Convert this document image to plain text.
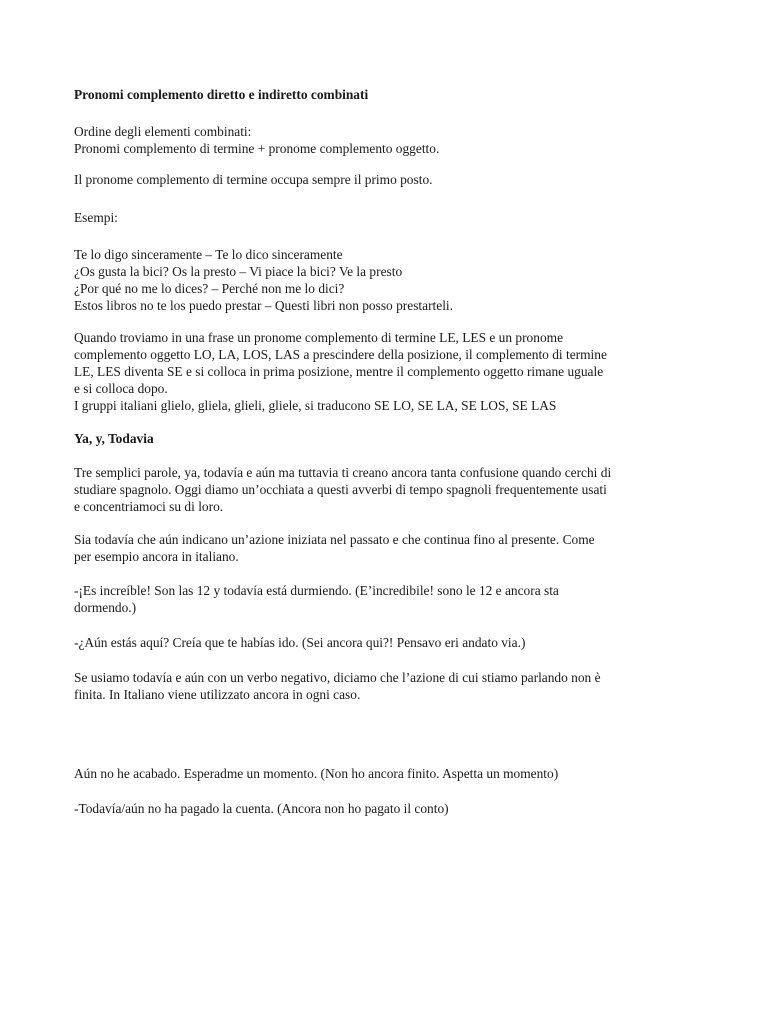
Pronomi complemento diretto e indiretto combinati

Ordine degli elementi combinati:
Pronomi complemento di termine + pronome complemento oggetto.

Il pronome complemento di termine occupa sempre il primo posto.

Esempi:

Te lo digo sinceramente – Te lo dico sinceramente
¿Os gusta la bici? Os la presto – Vi piace la bici? Ve la presto
¿Por qué no me lo dices? – Perché non me lo dici?
Estos libros no te los puedo prestar – Questi libri non posso prestarteli.

Quando troviamo in una frase un pronome complemento di termine LE, LES e un pronome
complemento oggetto LO, LA, LOS, LAS a prescindere della posizione, il complemento di termine
LE, LES diventa SE e si colloca in prima posizione, mentre il complemento oggetto rimane uguale
e si colloca dopo.
I gruppi italiani glielo, gliela, glieli, gliele, si traducono SE LO, SE LA, SE LOS, SE LAS

Ya, y, Todavia

Tre semplici parole, ya, todavía e aún ma tuttavia ti creano ancora tanta confusione quando cerchi di
studiare spagnolo. Oggi diamo un’occhiata a questi avverbi di tempo spagnoli frequentemente usati
e concentriamoci su di loro.

Sia todavía che aún indicano un’azione iniziata nel passato e che continua fino al presente. Come
per esempio ancora in italiano.

-¡Es increíble! Son las 12 y todavía está durmiendo. (E’incredibile! sono le 12 e ancora sta
dormendo.)

-¿Aún estás aquí? Creía que te habías ido. (Sei ancora qui?! Pensavo eri andato via.)

Se usiamo todavía e aún con un verbo negativo, diciamo che l’azione di cui stiamo parlando non è
finita. In Italiano viene utilizzato ancora in ogni caso.

Aún no he acabado. Esperadme un momento. (Non ho ancora finito. Aspetta un momento)

-Todavía/aún no ha pagado la cuenta. (Ancora non ho pagato il conto)
